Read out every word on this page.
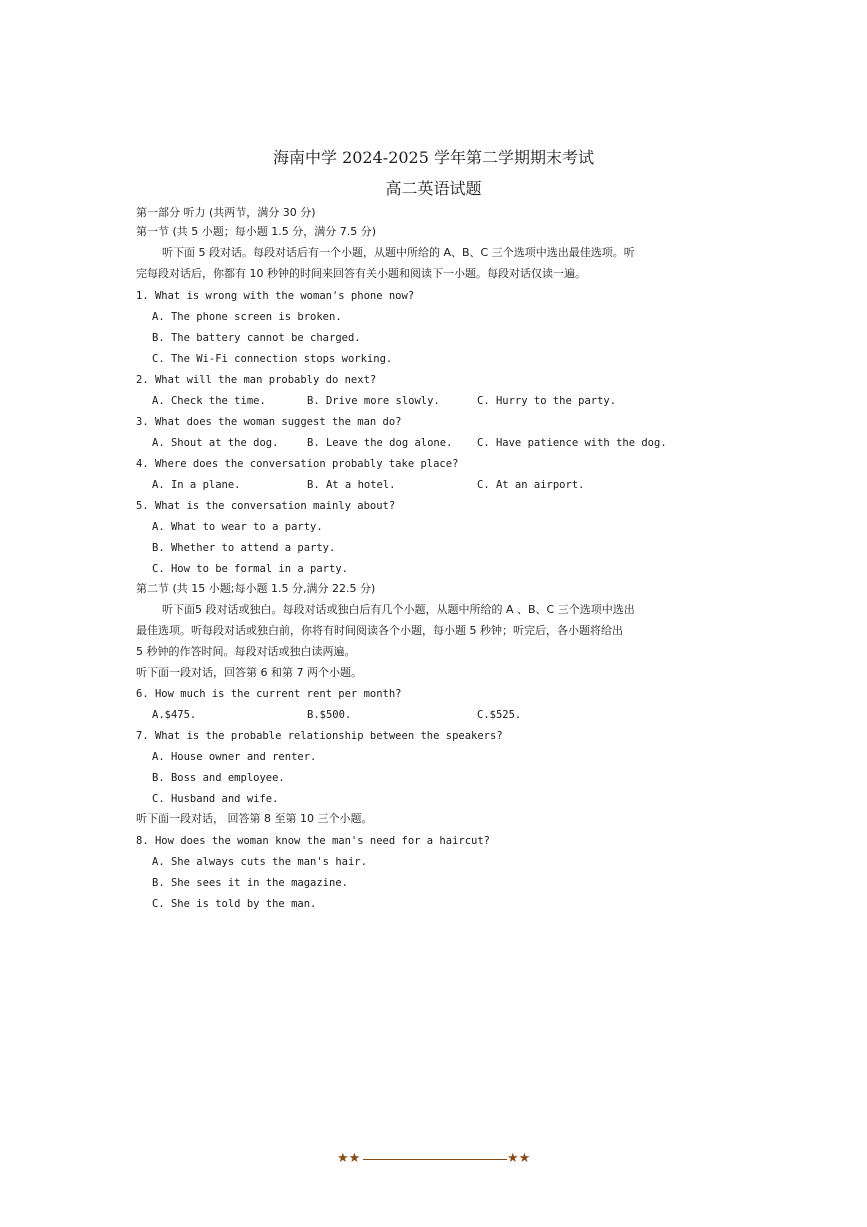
海南中学 2024-2025 学年第二学期期末考试
高二英语试题
第一部分 听力 (共两节，满分 30 分)
第一节 (共 5 小题；每小题 1.5 分，满分 7.5 分)
听下面 5 段对话。每段对话后有一个小题，从题中所给的 A、B、C 三个选项中选出最佳选项。听
完每段对话后，你都有 10 秒钟的时间来回答有关小题和阅读下一小题。每段对话仅读一遍。
1. What is wrong with the woman's phone now?
A. The phone screen is broken.
B. The battery cannot be charged.
C. The Wi-Fi connection stops working.
2. What will the man probably do next?
A. Check the time.	B. Drive more slowly.	C. Hurry to the party.
3. What does the woman suggest the man do?
A. Shout at the dog.	B. Leave the dog alone. C. Have patience with the dog.
4. Where does the conversation probably take place?
A. In a plane.	B. At a hotel.	C. At an airport.
5. What is the conversation mainly about?
A. What to wear to a party.
B. Whether to attend a party.
C. How to be formal in a party.
第二节 (共 15 小题;每小题 1.5 分,满分 22.5 分)
听下面5 段对话或独白。每段对话或独白后有几个小题，从题中所给的 A 、B、C 三个选项中选出
最佳选项。听每段对话或独白前，你将有时间阅读各个小题，每小题 5 秒钟；听完后，各小题将给出
5 秒钟的作答时间。每段对话或独白读两遍。
听下面一段对话，回答第 6 和第 7 两个小题。
6. How much is the current rent per month?
A.$475.	B.$500.	C.$525.
7. What is the probable relationship between the speakers?
A. House owner and renter.
B. Boss and employee.
C. Husband and wife.
听下面一段对话， 回答第 8 至第 10 三个小题。
8. How does the woman know the man's need for a haircut?
A. She always cuts the man's hair.
B. She sees it in the magazine.
C. She is told by the man.
★★	★★
